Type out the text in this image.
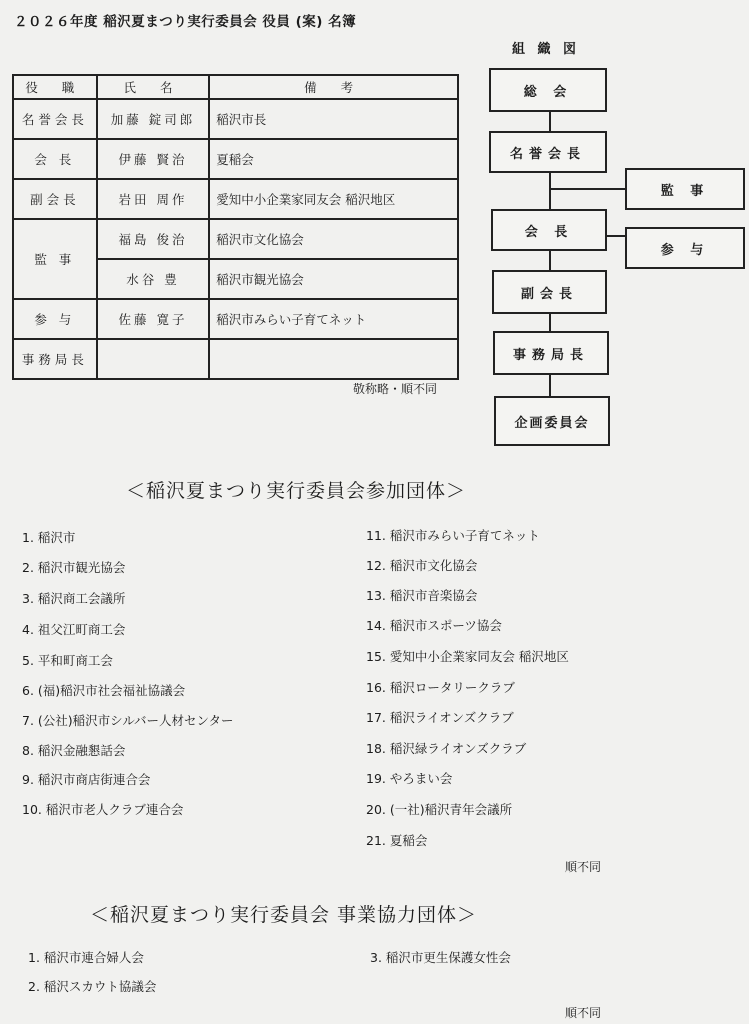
２０２６年度 稲沢夏まつり実行委員会 役員 (案) 名簿
役 職	氏 名	備 考
名誉会長	加藤 錠司郎	稲沢市長
会 長	伊藤 賢治	夏稲会
副会長	岩田 周作	愛知中小企業家同友会 稲沢地区
監 事	福島 俊治	稲沢市文化協会
	水谷 豊	稲沢市観光協会
参 与	佐藤 寛子	稲沢市みらい子育てネット
事務局長		
敬称略・順不同
組 織 図
総 会
名誉会長
監 事
会 長
参 与
副会長
事務局長
企画委員会
＜稲沢夏まつり実行委員会参加団体＞
1. 稲沢市
2. 稲沢市観光協会
3. 稲沢商工会議所
4. 祖父江町商工会
5. 平和町商工会
6. (福)稲沢市社会福祉協議会
7. (公社)稲沢市シルバー人材センター
8. 稲沢金融懇話会
9. 稲沢市商店街連合会
10. 稲沢市老人クラブ連合会
11. 稲沢市みらい子育てネット
12. 稲沢市文化協会
13. 稲沢市音楽協会
14. 稲沢市スポーツ協会
15. 愛知中小企業家同友会 稲沢地区
16. 稲沢ロータリークラブ
17. 稲沢ライオンズクラブ
18. 稲沢緑ライオンズクラブ
19. やろまい会
20. (一社)稲沢青年会議所
21. 夏稲会
順不同
＜稲沢夏まつり実行委員会 事業協力団体＞
1. 稲沢市連合婦人会
2. 稲沢スカウト協議会
3. 稲沢市更生保護女性会
順不同
